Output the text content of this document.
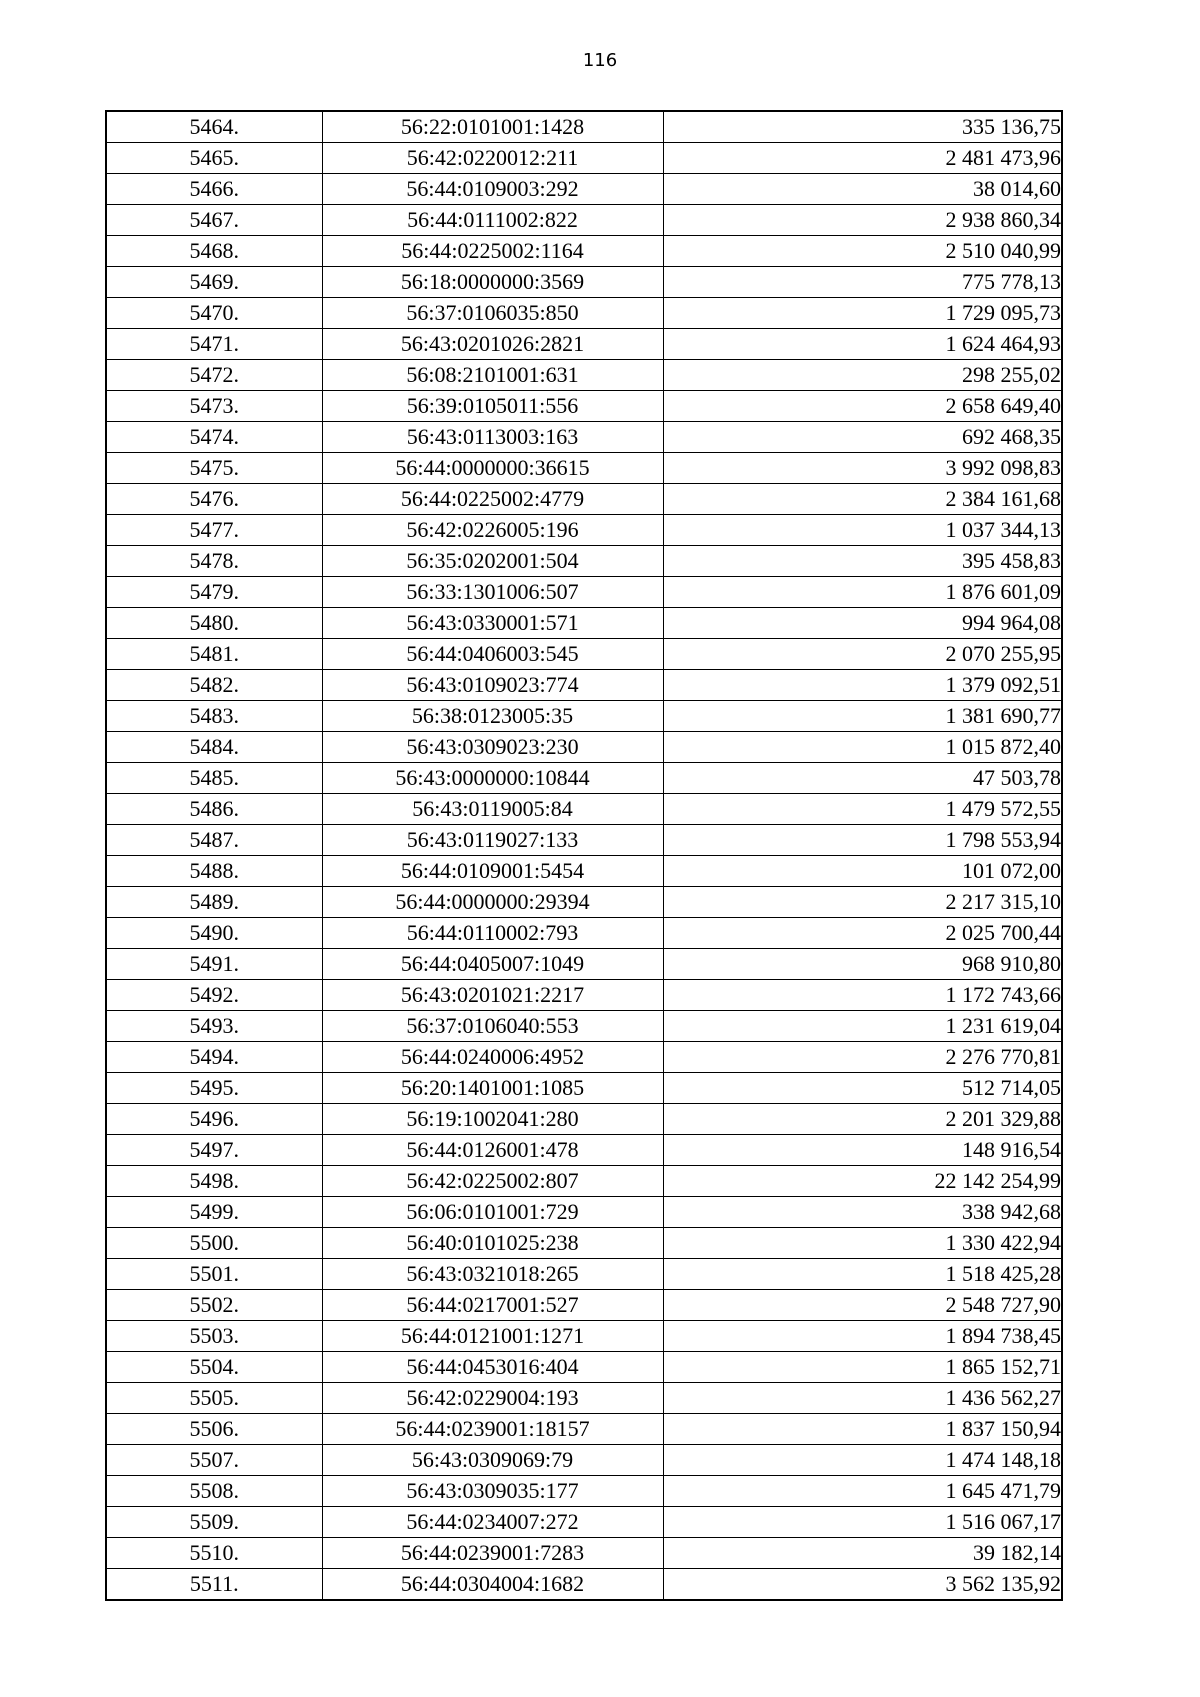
116
5464.	56:22:0101001:1428	335 136,75
5465.	56:42:0220012:211	2 481 473,96
5466.	56:44:0109003:292	38 014,60
5467.	56:44:0111002:822	2 938 860,34
5468.	56:44:0225002:1164	2 510 040,99
5469.	56:18:0000000:3569	775 778,13
5470.	56:37:0106035:850	1 729 095,73
5471.	56:43:0201026:2821	1 624 464,93
5472.	56:08:2101001:631	298 255,02
5473.	56:39:0105011:556	2 658 649,40
5474.	56:43:0113003:163	692 468,35
5475.	56:44:0000000:36615	3 992 098,83
5476.	56:44:0225002:4779	2 384 161,68
5477.	56:42:0226005:196	1 037 344,13
5478.	56:35:0202001:504	395 458,83
5479.	56:33:1301006:507	1 876 601,09
5480.	56:43:0330001:571	994 964,08
5481.	56:44:0406003:545	2 070 255,95
5482.	56:43:0109023:774	1 379 092,51
5483.	56:38:0123005:35	1 381 690,77
5484.	56:43:0309023:230	1 015 872,40
5485.	56:43:0000000:10844	47 503,78
5486.	56:43:0119005:84	1 479 572,55
5487.	56:43:0119027:133	1 798 553,94
5488.	56:44:0109001:5454	101 072,00
5489.	56:44:0000000:29394	2 217 315,10
5490.	56:44:0110002:793	2 025 700,44
5491.	56:44:0405007:1049	968 910,80
5492.	56:43:0201021:2217	1 172 743,66
5493.	56:37:0106040:553	1 231 619,04
5494.	56:44:0240006:4952	2 276 770,81
5495.	56:20:1401001:1085	512 714,05
5496.	56:19:1002041:280	2 201 329,88
5497.	56:44:0126001:478	148 916,54
5498.	56:42:0225002:807	22 142 254,99
5499.	56:06:0101001:729	338 942,68
5500.	56:40:0101025:238	1 330 422,94
5501.	56:43:0321018:265	1 518 425,28
5502.	56:44:0217001:527	2 548 727,90
5503.	56:44:0121001:1271	1 894 738,45
5504.	56:44:0453016:404	1 865 152,71
5505.	56:42:0229004:193	1 436 562,27
5506.	56:44:0239001:18157	1 837 150,94
5507.	56:43:0309069:79	1 474 148,18
5508.	56:43:0309035:177	1 645 471,79
5509.	56:44:0234007:272	1 516 067,17
5510.	56:44:0239001:7283	39 182,14
5511.	56:44:0304004:1682	3 562 135,92
